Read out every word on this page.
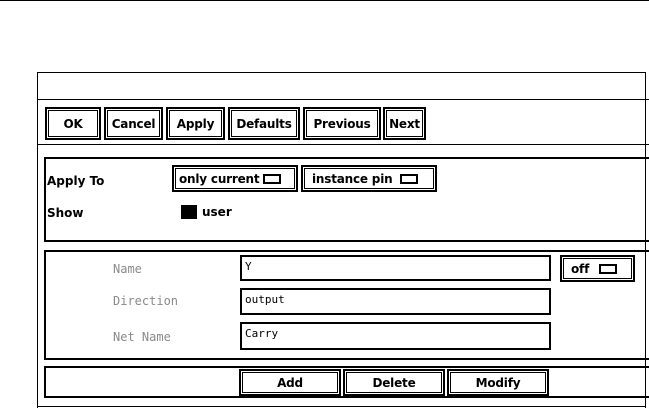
OK	Cancel	Apply	Defaults	Previous	Next
Apply To	only current	instance pin
Show	user
Name	Y	off
Direction	output
Net Name	Carry
Add	Delete	Modify
